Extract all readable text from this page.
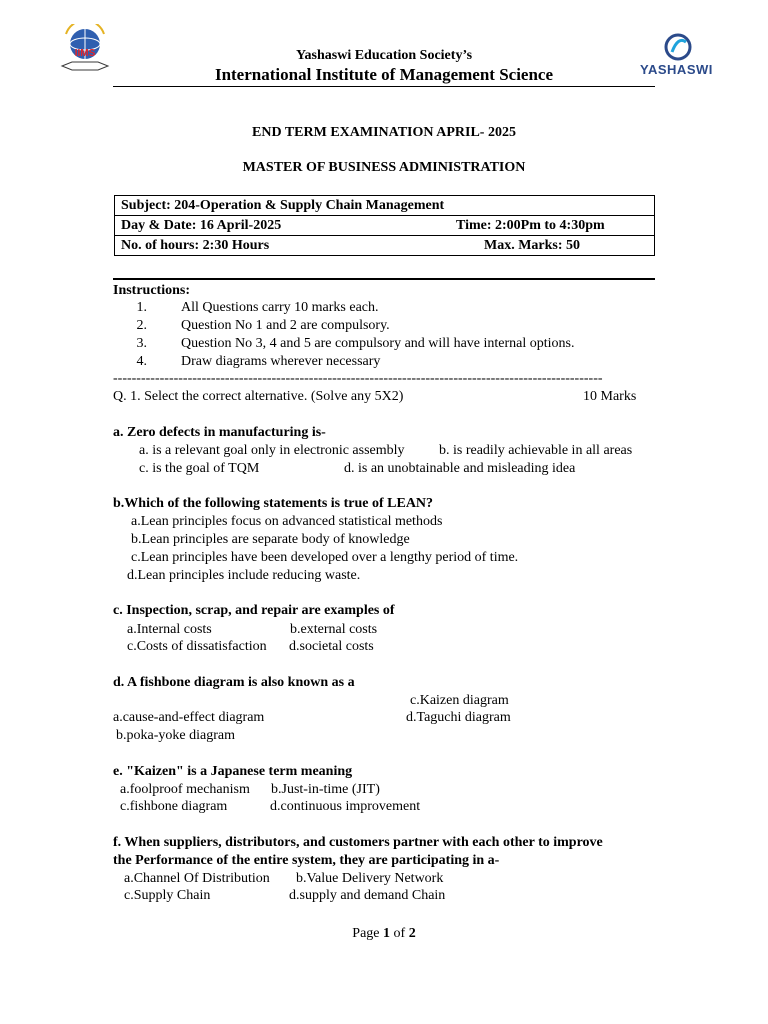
IIMS
YASHASWI
Yashaswi Education Society’s
International Institute of Management Science
END TERM EXAMINATION APRIL- 2025
MASTER OF BUSINESS ADMINISTRATION
Subject: 204-Operation & Supply Chain Management
Day & Date: 16 April-2025	Time: 2:00Pm to 4:30pm

No. of hours: 2:30 Hours	Max. Marks: 50
Instructions:
1. All Questions carry 10 marks each.
2. Question No 1 and 2 are compulsory.
3. Question No 3, 4 and 5 are compulsory and will have internal options.
4. Draw diagrams wherever necessary
---------------------------------------------------------------------------------------------------------
Q. 1. Select the correct alternative. (Solve any 5X2)	10 Marks
a. Zero defects in manufacturing is-
a. is a relevant goal only in electronic assembly b. is readily achievable in all areas
c. is the goal of TQM	d. is an unobtainable and misleading idea
b.Which of the following statements is true of LEAN?
a.Lean principles focus on advanced statistical methods
b.Lean principles are separate body of knowledge
c.Lean principles have been developed over a lengthy period of time.
d.Lean principles include reducing waste.
c. Inspection, scrap, and repair are examples of
a.Internal costs	b.external costs
c.Costs of dissatisfaction d.societal costs
d. A fishbone diagram is also known as a
c.Kaizen diagram
a.cause-and-effect diagram	d.Taguchi diagram
b.poka-yoke diagram
e. "Kaizen" is a Japanese term meaning
a.foolproof mechanism b.Just-in-time (JIT)
c.fishbone diagram	d.continuous improvement
f. When suppliers, distributors, and customers partner with each other to improve
the Performance of the entire system, they are participating in a-
a.Channel Of Distribution b.Value Delivery Network
c.Supply Chain	d.supply and demand Chain
Page 1 of 2
